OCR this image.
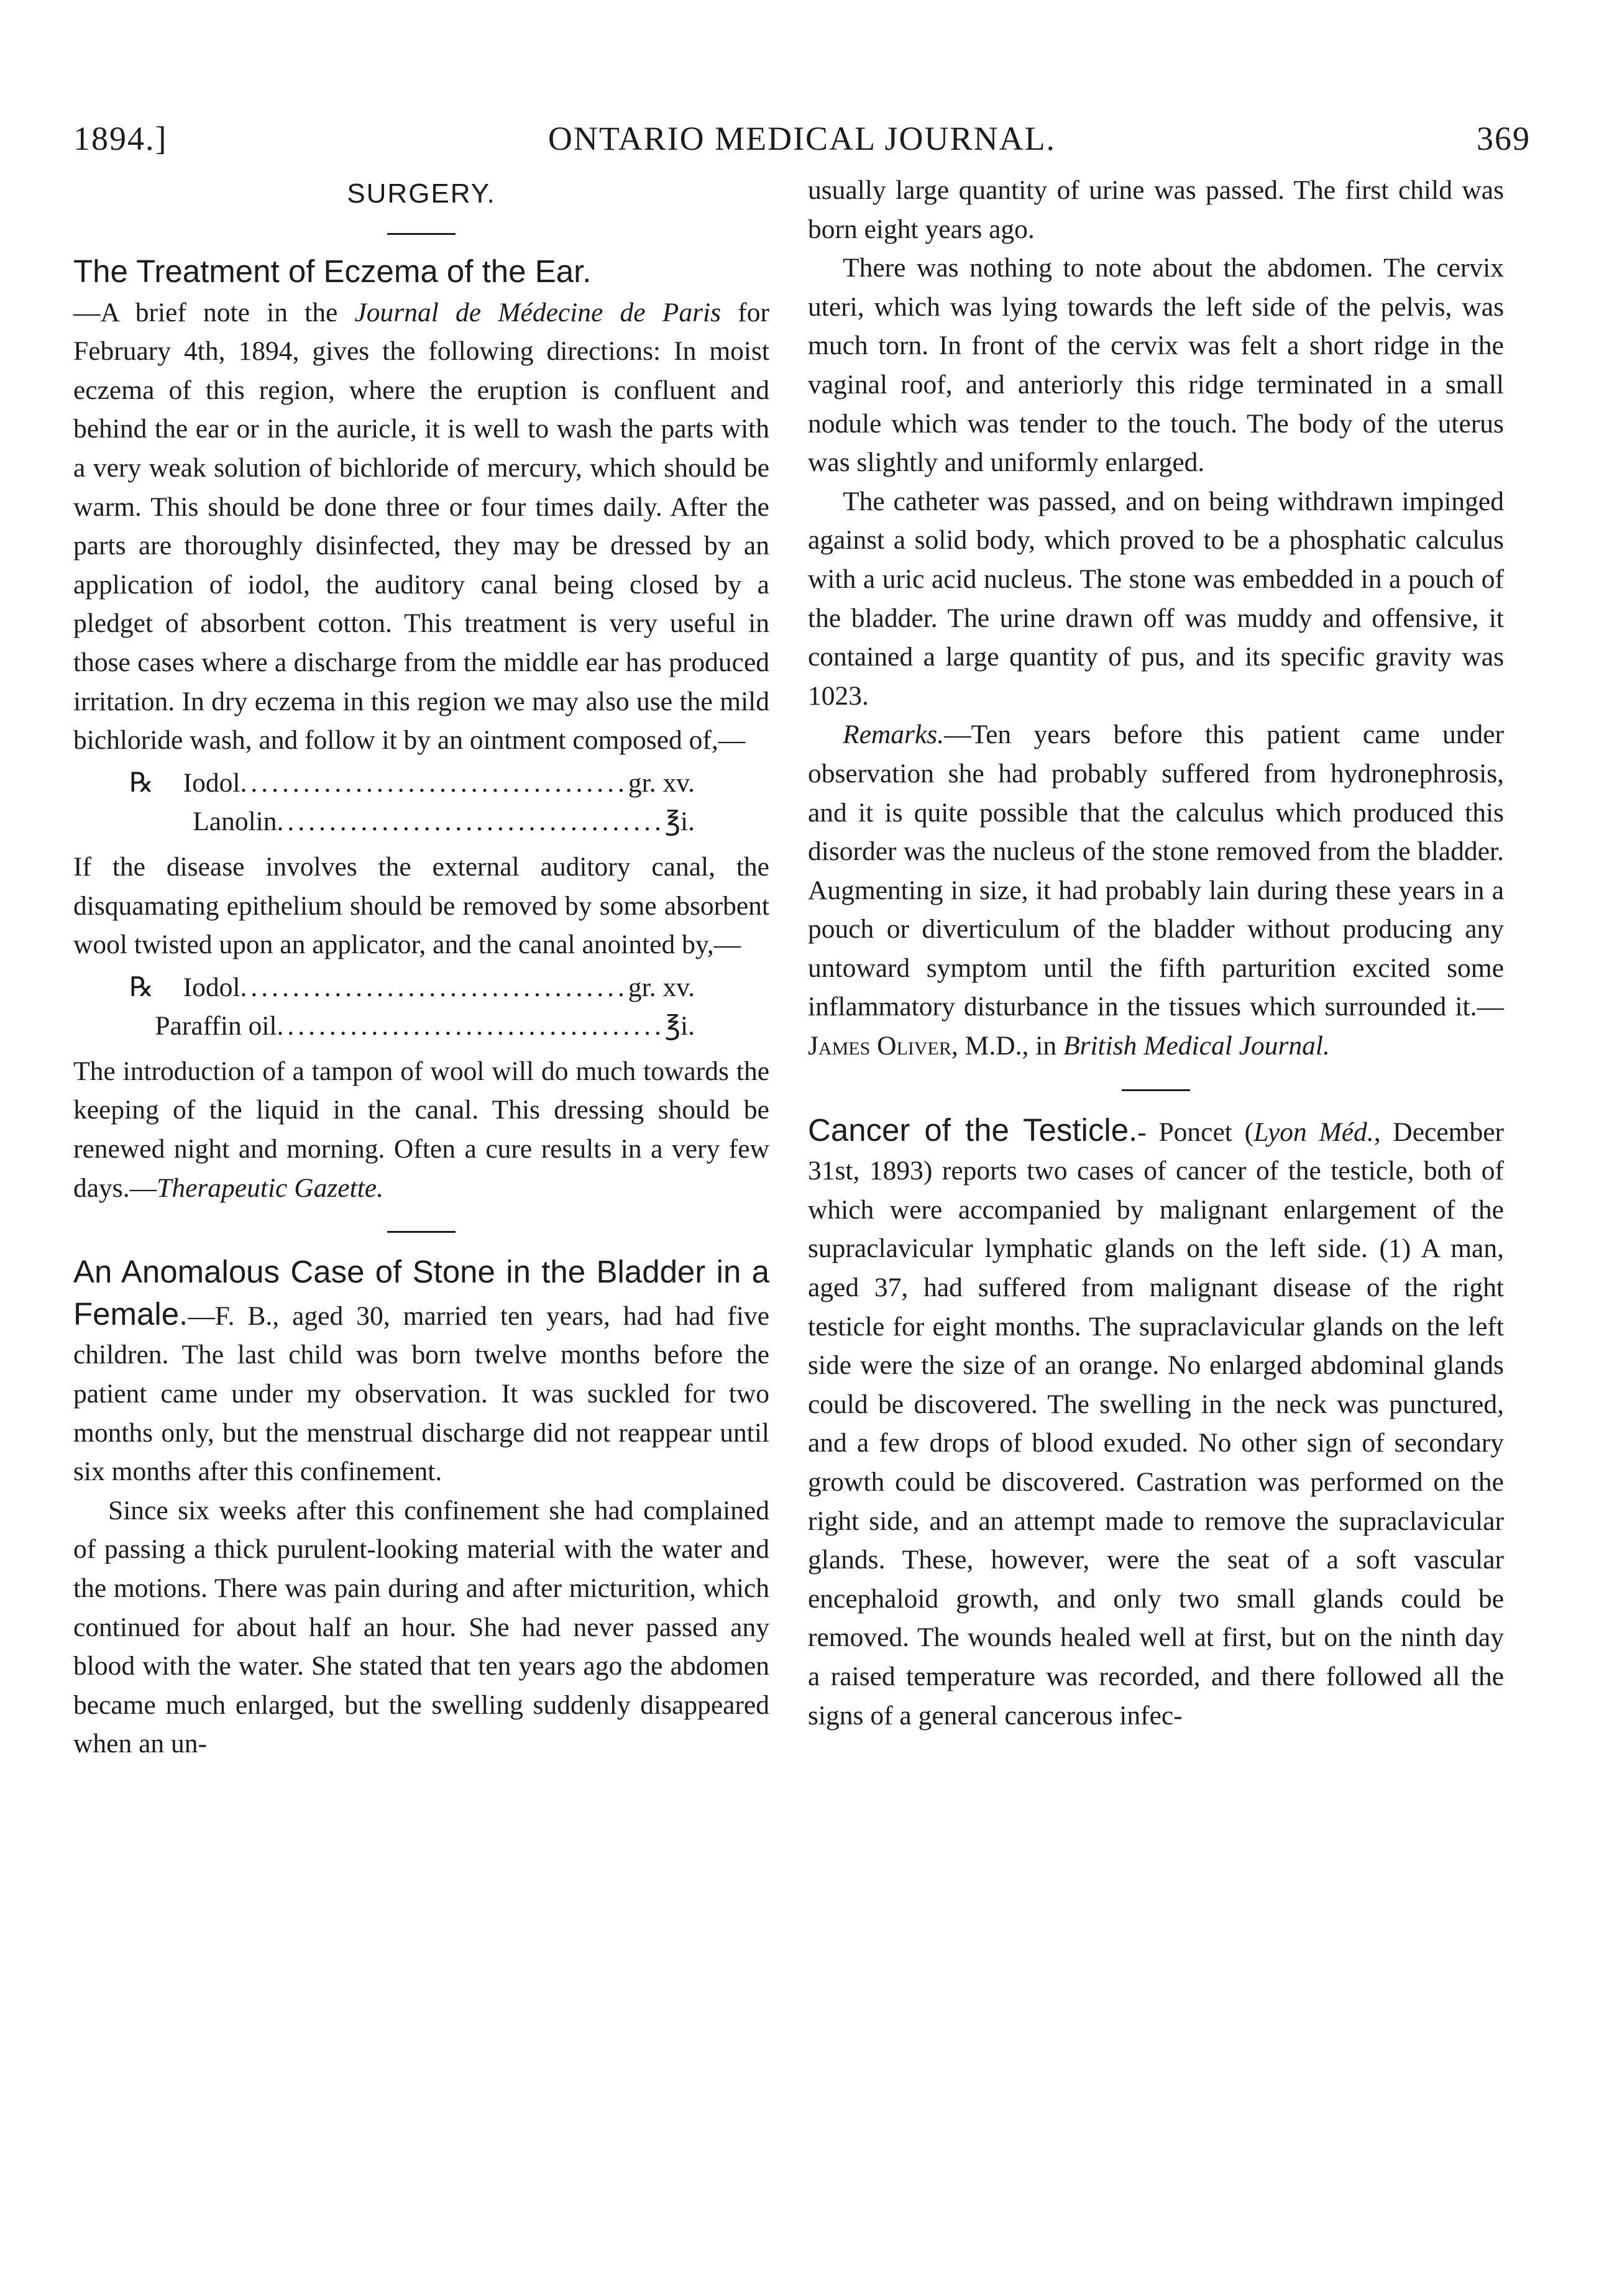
1894.]	ONTARIO MEDICAL JOURNAL.	369
SURGERY.

The Treatment of Eczema of the Ear.
—A brief note in the Journal de Médecine de Paris for February 4th, 1894, gives the following directions: In moist eczema of this region, where the eruption is confluent and behind the ear or in the auricle, it is well to wash the parts with a very weak solution of bichloride of mercury, which should be warm. This should be done three or four times daily. After the parts are thoroughly disinfected, they may be dressed by an application of iodol, the auditory canal being closed by a pledget of absorbent cotton. This treatment is very useful in those cases where a discharge from the middle ear has produced irritation. In dry eczema in this region we may also use the mild bichloride wash, and follow it by an ointment composed of,—

℞	Iodol ..................................... gr. xv.
Lanolin ..................................... ℥i.

If the disease involves the external auditory canal, the disquamating epithelium should be removed by some absorbent wool twisted upon an applicator, and the canal anointed by,—

℞	Iodol ..................................... gr. xv.
Paraffin oil ..................................... ℥i.

The introduction of a tampon of wool will do much towards the keeping of the liquid in the canal. This dressing should be renewed night and morning. Often a cure results in a very few days.—Therapeutic Gazette.

An Anomalous Case of Stone in the Bladder in a Female.—F. B., aged 30, married ten years, had had five children. The last child was born twelve months before the patient came under my observation. It was suckled for two months only, but the menstrual discharge did not reappear until six months after this confinement.

Since six weeks after this confinement she had complained of passing a thick purulent-looking material with the water and the motions. There was pain during and after micturition, which continued for about half an hour. She had never passed any blood with the water. She stated that ten years ago the abdomen became much enlarged, but the swelling suddenly disappeared when an un-

usually large quantity of urine was passed. The first child was born eight years ago.

There was nothing to note about the abdomen. The cervix uteri, which was lying towards the left side of the pelvis, was much torn. In front of the cervix was felt a short ridge in the vaginal roof, and anteriorly this ridge terminated in a small nodule which was tender to the touch. The body of the uterus was slightly and uniformly enlarged.

The catheter was passed, and on being withdrawn impinged against a solid body, which proved to be a phosphatic calculus with a uric acid nucleus. The stone was embedded in a pouch of the bladder. The urine drawn off was muddy and offensive, it contained a large quantity of pus, and its specific gravity was 1023.

Remarks.—Ten years before this patient came under observation she had probably suffered from hydronephrosis, and it is quite possible that the calculus which produced this disorder was the nucleus of the stone removed from the bladder. Augmenting in size, it had probably lain during these years in a pouch or diverticulum of the bladder without producing any untoward symptom until the fifth parturition excited some inflammatory disturbance in the tissues which surrounded it.—James Oliver, M.D., in British Medical Journal.

Cancer of the Testicle.- Poncet (Lyon Méd., December 31st, 1893) reports two cases of cancer of the testicle, both of which were accompanied by malignant enlargement of the supraclavicular lymphatic glands on the left side. (1) A man, aged 37, had suffered from malignant disease of the right testicle for eight months. The supraclavicular glands on the left side were the size of an orange. No enlarged abdominal glands could be discovered. The swelling in the neck was punctured, and a few drops of blood exuded. No other sign of secondary growth could be discovered. Castration was performed on the right side, and an attempt made to remove the supraclavicular glands. These, however, were the seat of a soft vascular encephaloid growth, and only two small glands could be removed. The wounds healed well at first, but on the ninth day a raised temperature was recorded, and there followed all the signs of a general cancerous infec-
